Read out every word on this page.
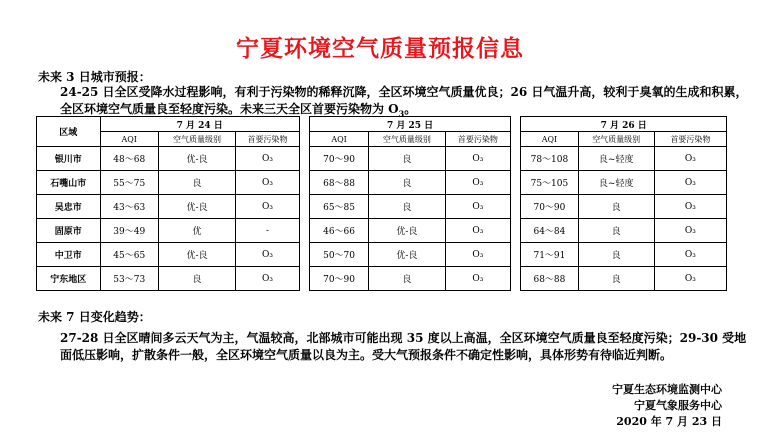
宁夏环境空气质量预报信息
未来 3 日城市预报：
24-25 日全区受降水过程影响，有利于污染物的稀释沉降，全区环境空气质量优良；26 日气温升高，较利于臭氧的生成和积累，全区环境空气质量良至轻度污染。未来三天全区首要污染物为 $O_3$。
区域	7 月 24 日				7 月 25 日				7 月 26 日		
	AQI	空气质量级别	首要污染物		AQI	空气质量级别	首要污染物		AQI	空气质量级别	首要污染物
银川市	48～68	优-良	O₃		70～90	良	O₃		78～108	良~轻度	O₃
石嘴山市	55～75	良	O₃		68～88	良	O₃		75～105	良~轻度	O₃
吴忠市	43～63	优-良	O₃		65～85	良	O₃		70～90	良	O₃
固原市	39～49	优	-		46～66	优-良	O₃		64～84	良	O₃
中卫市	45～65	优-良	O₃		50～70	优-良	O₃		71～91	良	O₃
宁东地区	53～73	良	O₃		70～90	良	O₃		68～88	良	O₃
未来 7 日变化趋势：
27-28 日全区晴间多云天气为主，气温较高，北部城市可能出现 35 度以上高温，全区环境空气质量良至轻度污染；29-30 受地面低压影响，扩散条件一般，全区环境空气质量以良为主。受大气预报条件不确定性影响，具体形势有待临近判断。
宁夏生态环境监测中心
宁夏气象服务中心
2020 年 7 月 23 日
